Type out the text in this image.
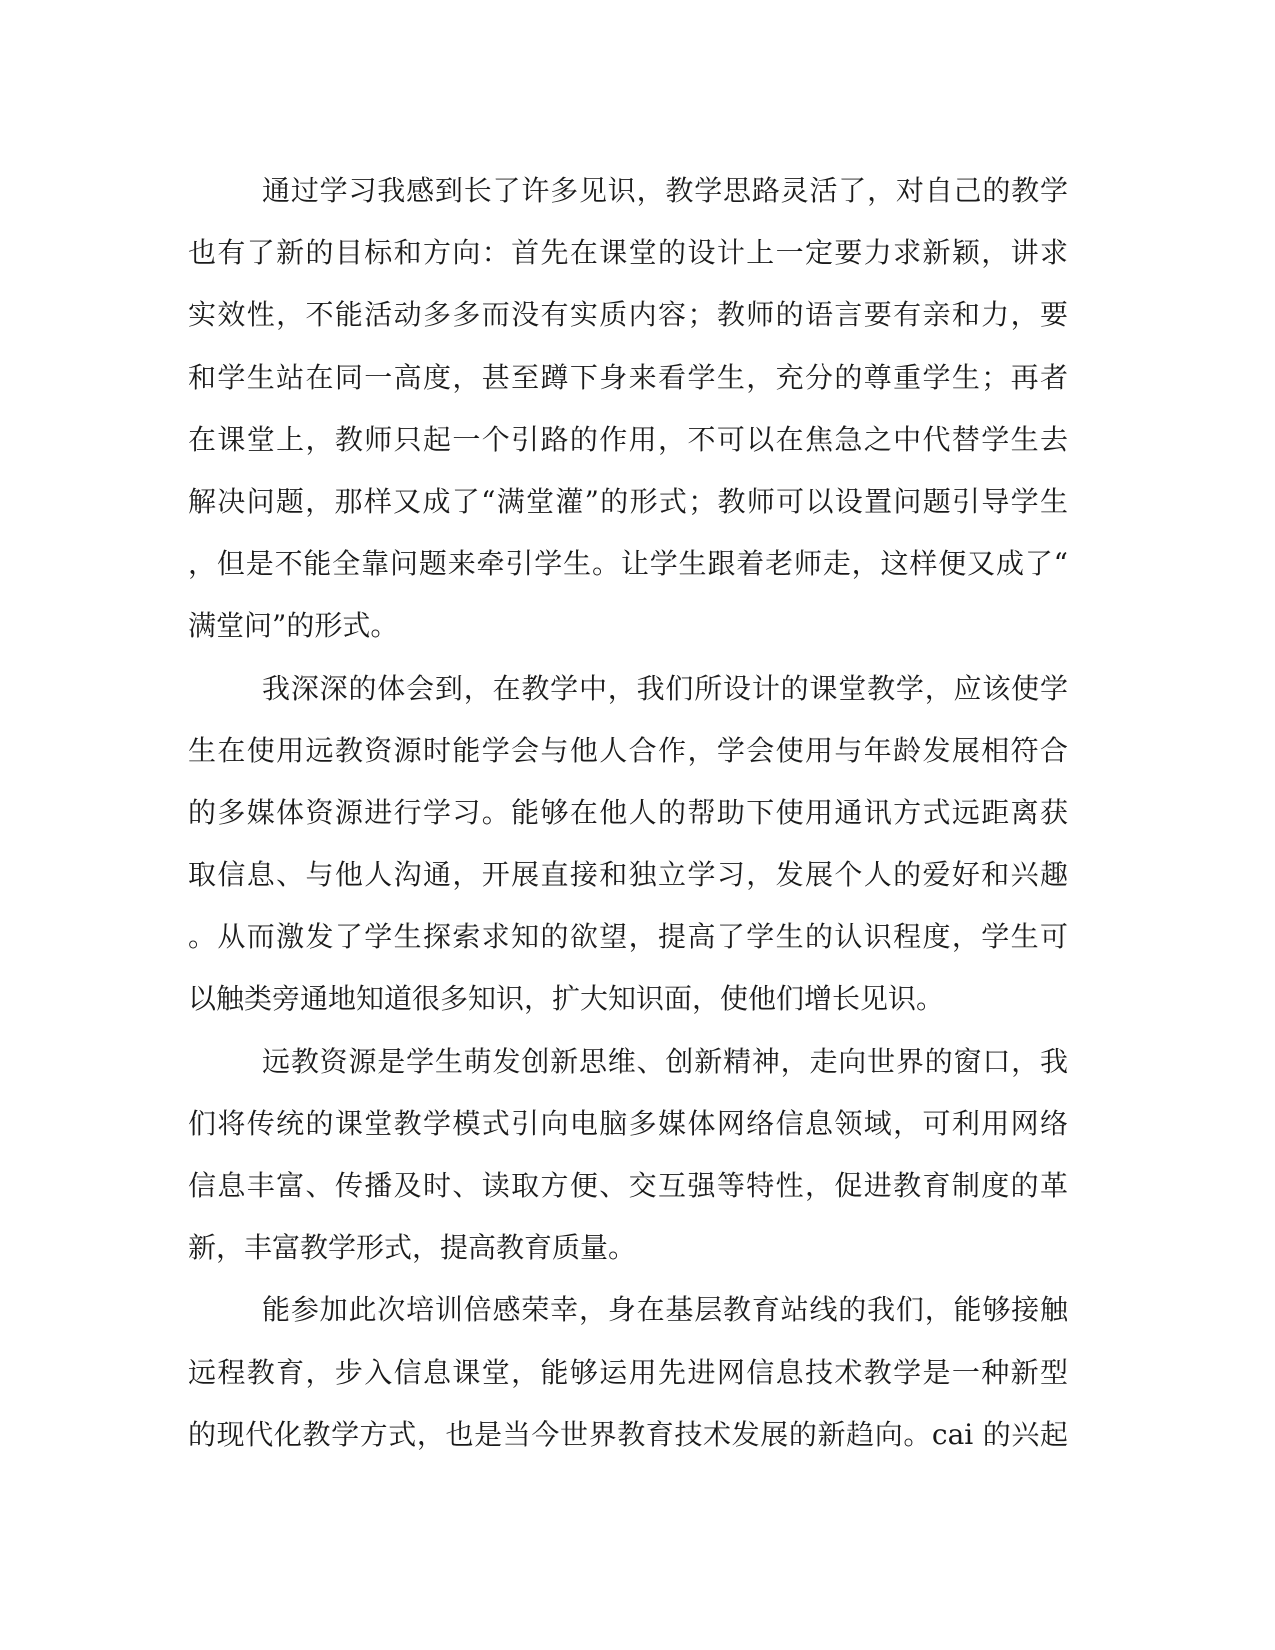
通过学习我感到长了许多见识，教学思路灵活了，对自己的教学
也有了新的目标和方向：首先在课堂的设计上一定要力求新颖，讲求
实效性，不能活动多多而没有实质内容；教师的语言要有亲和力，要
和学生站在同一高度，甚至蹲下身来看学生，充分的尊重学生；再者
在课堂上，教师只起一个引路的作用，不可以在焦急之中代替学生去
解决问题，那样又成了“满堂灌”的形式；教师可以设置问题引导学生
，但是不能全靠问题来牵引学生。让学生跟着老师走，这样便又成了“
满堂问”的形式。
我深深的体会到，在教学中，我们所设计的课堂教学，应该使学
生在使用远教资源时能学会与他人合作，学会使用与年龄发展相符合
的多媒体资源进行学习。能够在他人的帮助下使用通讯方式远距离获
取信息、与他人沟通，开展直接和独立学习，发展个人的爱好和兴趣
。从而激发了学生探索求知的欲望，提高了学生的认识程度，学生可
以触类旁通地知道很多知识，扩大知识面，使他们增长见识。
远教资源是学生萌发创新思维、创新精神，走向世界的窗口，我
们将传统的课堂教学模式引向电脑多媒体网络信息领域，可利用网络
信息丰富、传播及时、读取方便、交互强等特性，促进教育制度的革
新，丰富教学形式，提高教育质量。
能参加此次培训倍感荣幸，身在基层教育站线的我们，能够接触
远程教育，步入信息课堂，能够运用先进网信息技术教学是一种新型
的现代化教学方式，也是当今世界教育技术发展的新趋向。cai 的兴起
